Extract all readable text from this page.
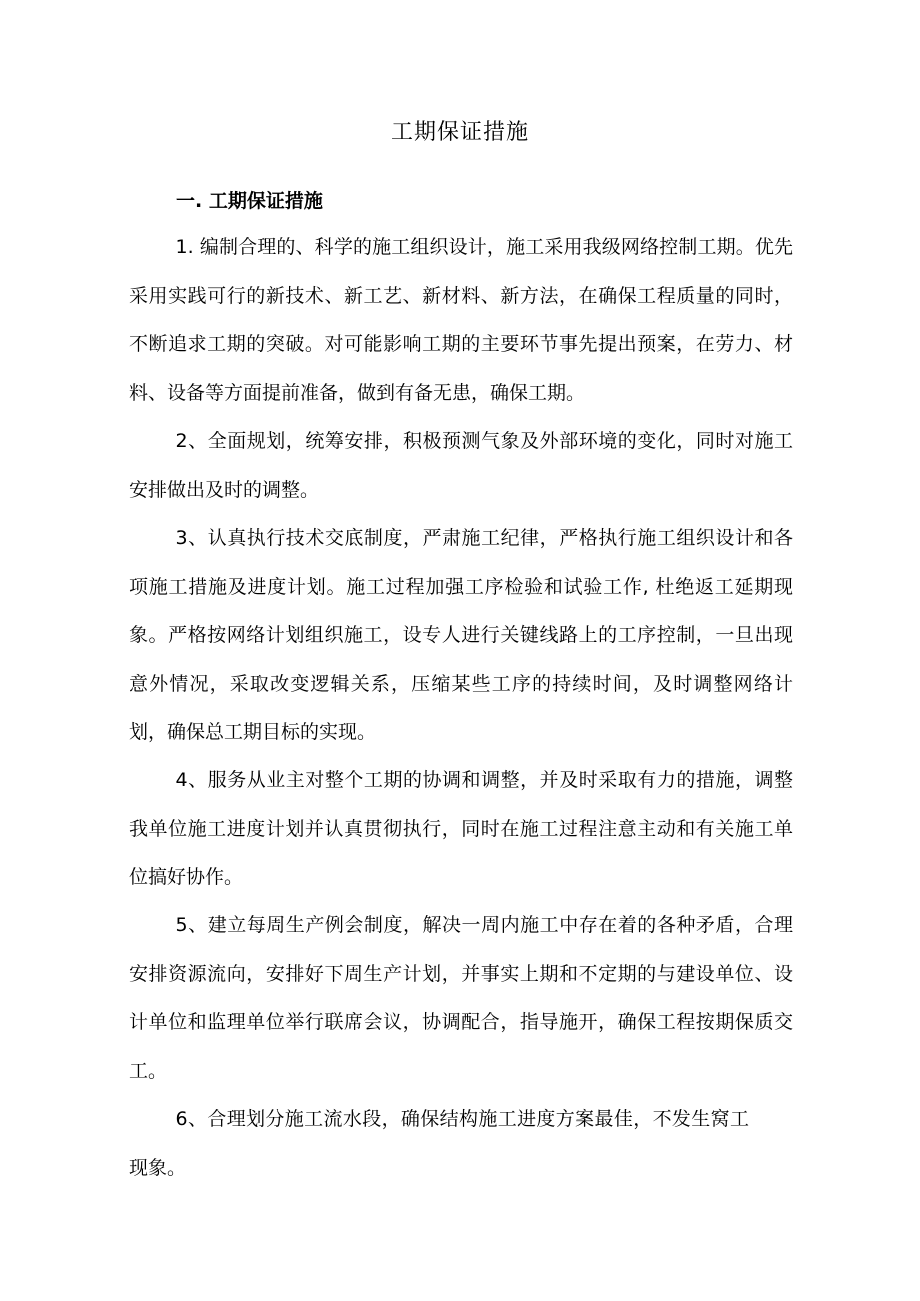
工期保证措施
一. 工期保证措施

1. 编制合理的、科学的施工组织设计，施工采用我级网络控制工期。优先采用实践可行的新技术、新工艺、新材料、新方法，在确保工程质量的同时，不断追求工期的突破。对可能影响工期的主要环节事先提出预案，在劳力、材料、设备等方面提前准备，做到有备无患，确保工期。

2、全面规划，统筹安排，积极预测气象及外部环境的变化，同时对施工安排做出及时的调整。

3、认真执行技术交底制度，严肃施工纪律，严格执行施工组织设计和各项施工措施及进度计划。施工过程加强工序检验和试验工作, 杜绝返工延期现象。严格按网络计划组织施工，设专人进行关键线路上的工序控制，一旦出现意外情况，采取改变逻辑关系，压缩某些工序的持续时间，及时调整网络计划，确保总工期目标的实现。

4、服务从业主对整个工期的协调和调整，并及时采取有力的措施，调整我单位施工进度计划并认真贯彻执行，同时在施工过程注意主动和有关施工单位搞好协作。

5、建立每周生产例会制度，解决一周内施工中存在着的各种矛盾，合理安排资源流向，安排好下周生产计划，并事实上期和不定期的与建设单位、设计单位和监理单位举行联席会议，协调配合，指导施开，确保工程按期保质交工。

6、合理划分施工流水段，确保结构施工进度方案最佳，不发生窝工现象。
